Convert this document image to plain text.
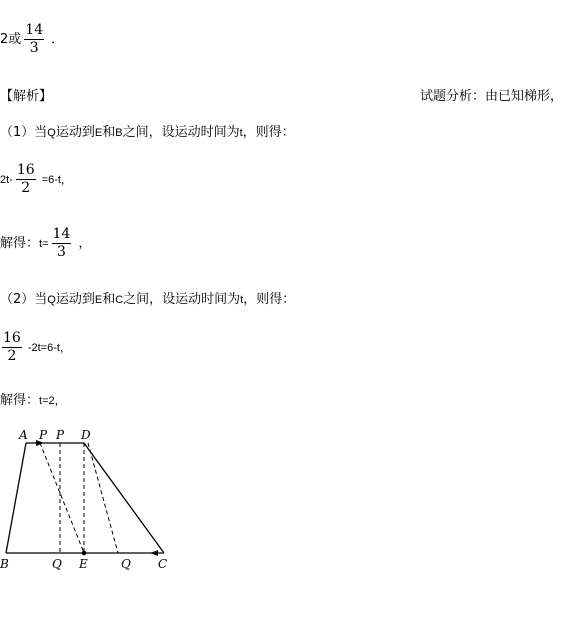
2或 $\frac{14}{3}$ ．
【解析】	试题分析：由已知梯形，
（1）当Q运动到E和B之间，设运动时间为t，则得：
$2t- \frac{16}{2} =6-t$，
解得：$t= \frac{14}{3}$ ，
（2）当Q运动到E和C之间，设运动时间为t，则得：
$\frac{16}{2} -2t=6-t$，
解得：t=2，
A P P D
B	Q E	Q C
